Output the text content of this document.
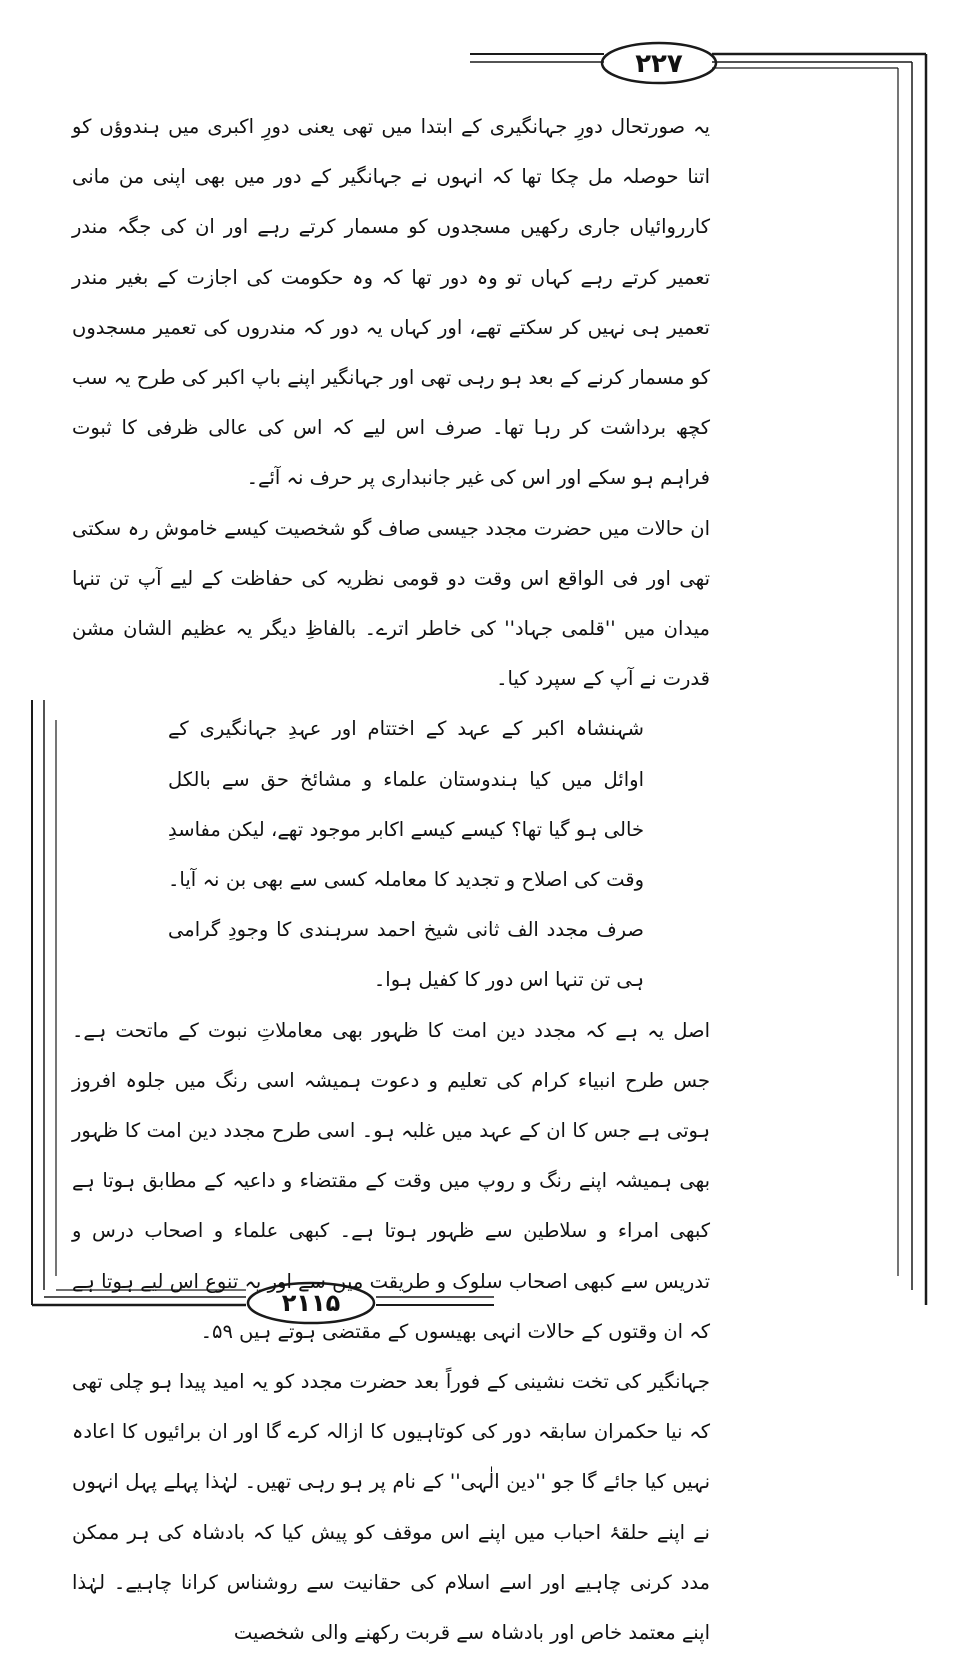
۲۲۷
۲۱۱۵

یہ صورتحال دورِ جہانگیری کے ابتدا میں تھی یعنی دورِ اکبری میں ہندوؤں کو اتنا حوصلہ مل چکا تھا کہ انہوں نے جہانگیر کے دور میں بھی اپنی من مانی کارروائیاں جاری رکھیں مسجدوں کو مسمار کرتے رہے اور ان کی جگہ مندر تعمیر کرتے رہے کہاں تو وہ دور تھا کہ وہ حکومت کی اجازت کے بغیر مندر تعمیر ہی نہیں کر سکتے تھے، اور کہاں یہ دور کہ مندروں کی تعمیر مسجدوں کو مسمار کرنے کے بعد ہو رہی تھی اور جہانگیر اپنے باپ اکبر کی طرح یہ سب کچھ برداشت کر رہا تھا۔ صرف اس لیے کہ اس کی عالی ظرفی کا ثبوت فراہم ہو سکے اور اس کی غیر جانبداری پر حرف نہ آئے۔

ان حالات میں حضرت مجدد جیسی صاف گو شخصیت کیسے خاموش رہ سکتی تھی اور فی الواقع اس وقت دو قومی نظریہ کی حفاظت کے لیے آپ تن تنہا میدان میں ''قلمی جہاد'' کی خاطر اترے۔ بالفاظِ دیگر یہ عظیم الشان مشن قدرت نے آپ کے سپرد کیا۔

شہنشاہ اکبر کے عہد کے اختتام اور عہدِ جہانگیری کے اوائل میں کیا ہندوستان علماء و مشائخ حق سے بالکل خالی ہو گیا تھا؟ کیسے کیسے اکابر موجود تھے، لیکن مفاسدِ وقت کی اصلاح و تجدید کا معاملہ کسی سے بھی بن نہ آیا۔ صرف مجدد الف ثانی شیخ احمد سرہندی کا وجودِ گرامی ہی تن تنہا اس دور کا کفیل ہوا۔

اصل یہ ہے کہ مجدد دین امت کا ظہور بھی معاملاتِ نبوت کے ماتحت ہے۔ جس طرح انبیاء کرام کی تعلیم و دعوت ہمیشہ اسی رنگ میں جلوہ افروز ہوتی ہے جس کا ان کے عہد میں غلبہ ہو۔ اسی طرح مجدد دین امت کا ظہور بھی ہمیشہ اپنے رنگ و روپ میں وقت کے مقتضاء و داعیہ کے مطابق ہوتا ہے کبھی امراء و سلاطین سے ظہور ہوتا ہے۔ کبھی علماء و اصحاب درس و تدریس سے کبھی اصحاب سلوک و طریقت میں سے اور یہ تنوع اس لیے ہوتا ہے کہ ان وقتوں کے حالات انہی بھیسوں کے مقتضی ہوتے ہیں ۵۹۔

جہانگیر کی تخت نشینی کے فوراً بعد حضرت مجدد کو یہ امید پیدا ہو چلی تھی کہ نیا حکمران سابقہ دور کی کوتاہیوں کا ازالہ کرے گا اور ان برائیوں کا اعادہ نہیں کیا جائے گا جو ''دین الٰہی'' کے نام پر ہو رہی تھیں۔ لہٰذا پہلے پہل انہوں نے اپنے حلقۂ احباب میں اپنے اس موقف کو پیش کیا کہ بادشاہ کی ہر ممکن مدد کرنی چاہیے اور اسے اسلام کی حقانیت سے روشناس کرانا چاہیے۔ لہٰذا اپنے معتمد خاص اور بادشاہ سے قربت رکھنے والی شخصیت
